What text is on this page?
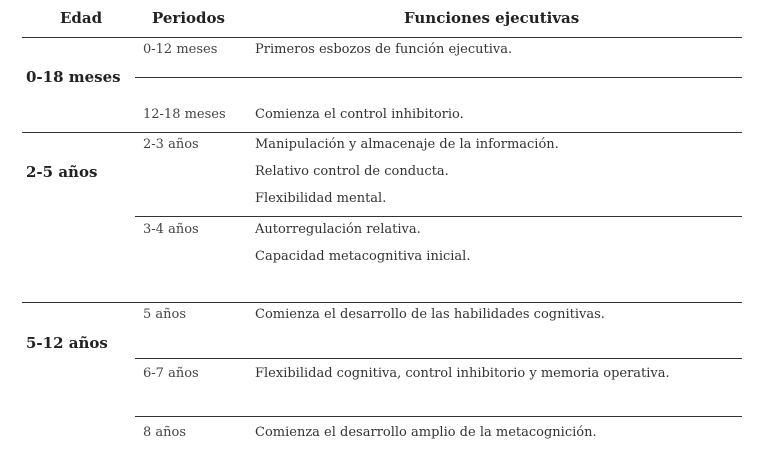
Edad	Periodos	Funciones ejecutivas
0-18 meses
0-12 meses	Primeros esbozos de función ejecutiva.
12-18 meses Comienza el control inhibitorio.
2-5 años
2-3 años	Manipulación y almacenaje de la información.
Relativo control de conducta.
Flexibilidad mental.
3-4 años	Autorregulación relativa.
Capacidad metacognitiva inicial.
5-12 años
5 años	Comienza el desarrollo de las habilidades cognitivas.
6-7 años	Flexibilidad cognitiva, control inhibitorio y memoria operativa.
8 años	Comienza el desarrollo amplio de la metacognición.
